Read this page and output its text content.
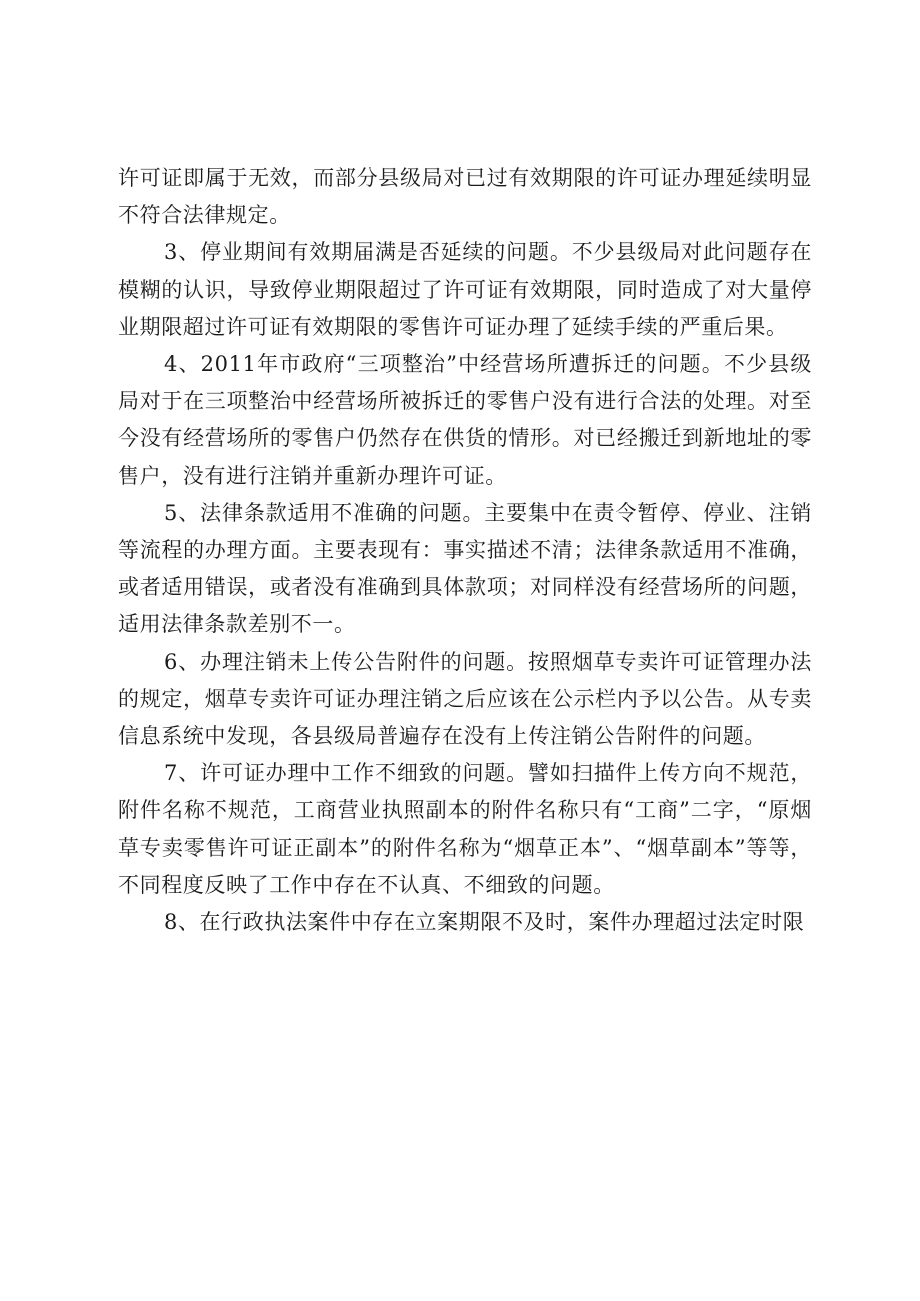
许可证即属于无效，而部分县级局对已过有效期限的许可证办理延续明显不符合法律规定。

3、停业期间有效期届满是否延续的问题。不少县级局对此问题存在模糊的认识，导致停业期限超过了许可证有效期限，同时造成了对大量停业期限超过许可证有效期限的零售许可证办理了延续手续的严重后果。

4、2011年市政府“三项整治”中经营场所遭拆迁的问题。不少县级局对于在三项整治中经营场所被拆迁的零售户没有进行合法的处理。对至今没有经营场所的零售户仍然存在供货的情形。对已经搬迁到新地址的零售户，没有进行注销并重新办理许可证。

5、法律条款适用不准确的问题。主要集中在责令暂停、停业、注销等流程的办理方面。主要表现有：事实描述不清；法律条款适用不准确，或者适用错误，或者没有准确到具体款项；对同样没有经营场所的问题，适用法律条款差别不一。

6、办理注销未上传公告附件的问题。按照烟草专卖许可证管理办法的规定，烟草专卖许可证办理注销之后应该在公示栏内予以公告。从专卖信息系统中发现，各县级局普遍存在没有上传注销公告附件的问题。

7、许可证办理中工作不细致的问题。譬如扫描件上传方向不规范，附件名称不规范，工商营业执照副本的附件名称只有“工商”二字，“原烟草专卖零售许可证正副本”的附件名称为“烟草正本”、“烟草副本”等等，不同程度反映了工作中存在不认真、不细致的问题。

8、在行政执法案件中存在立案期限不及时，案件办理超过法定时限
